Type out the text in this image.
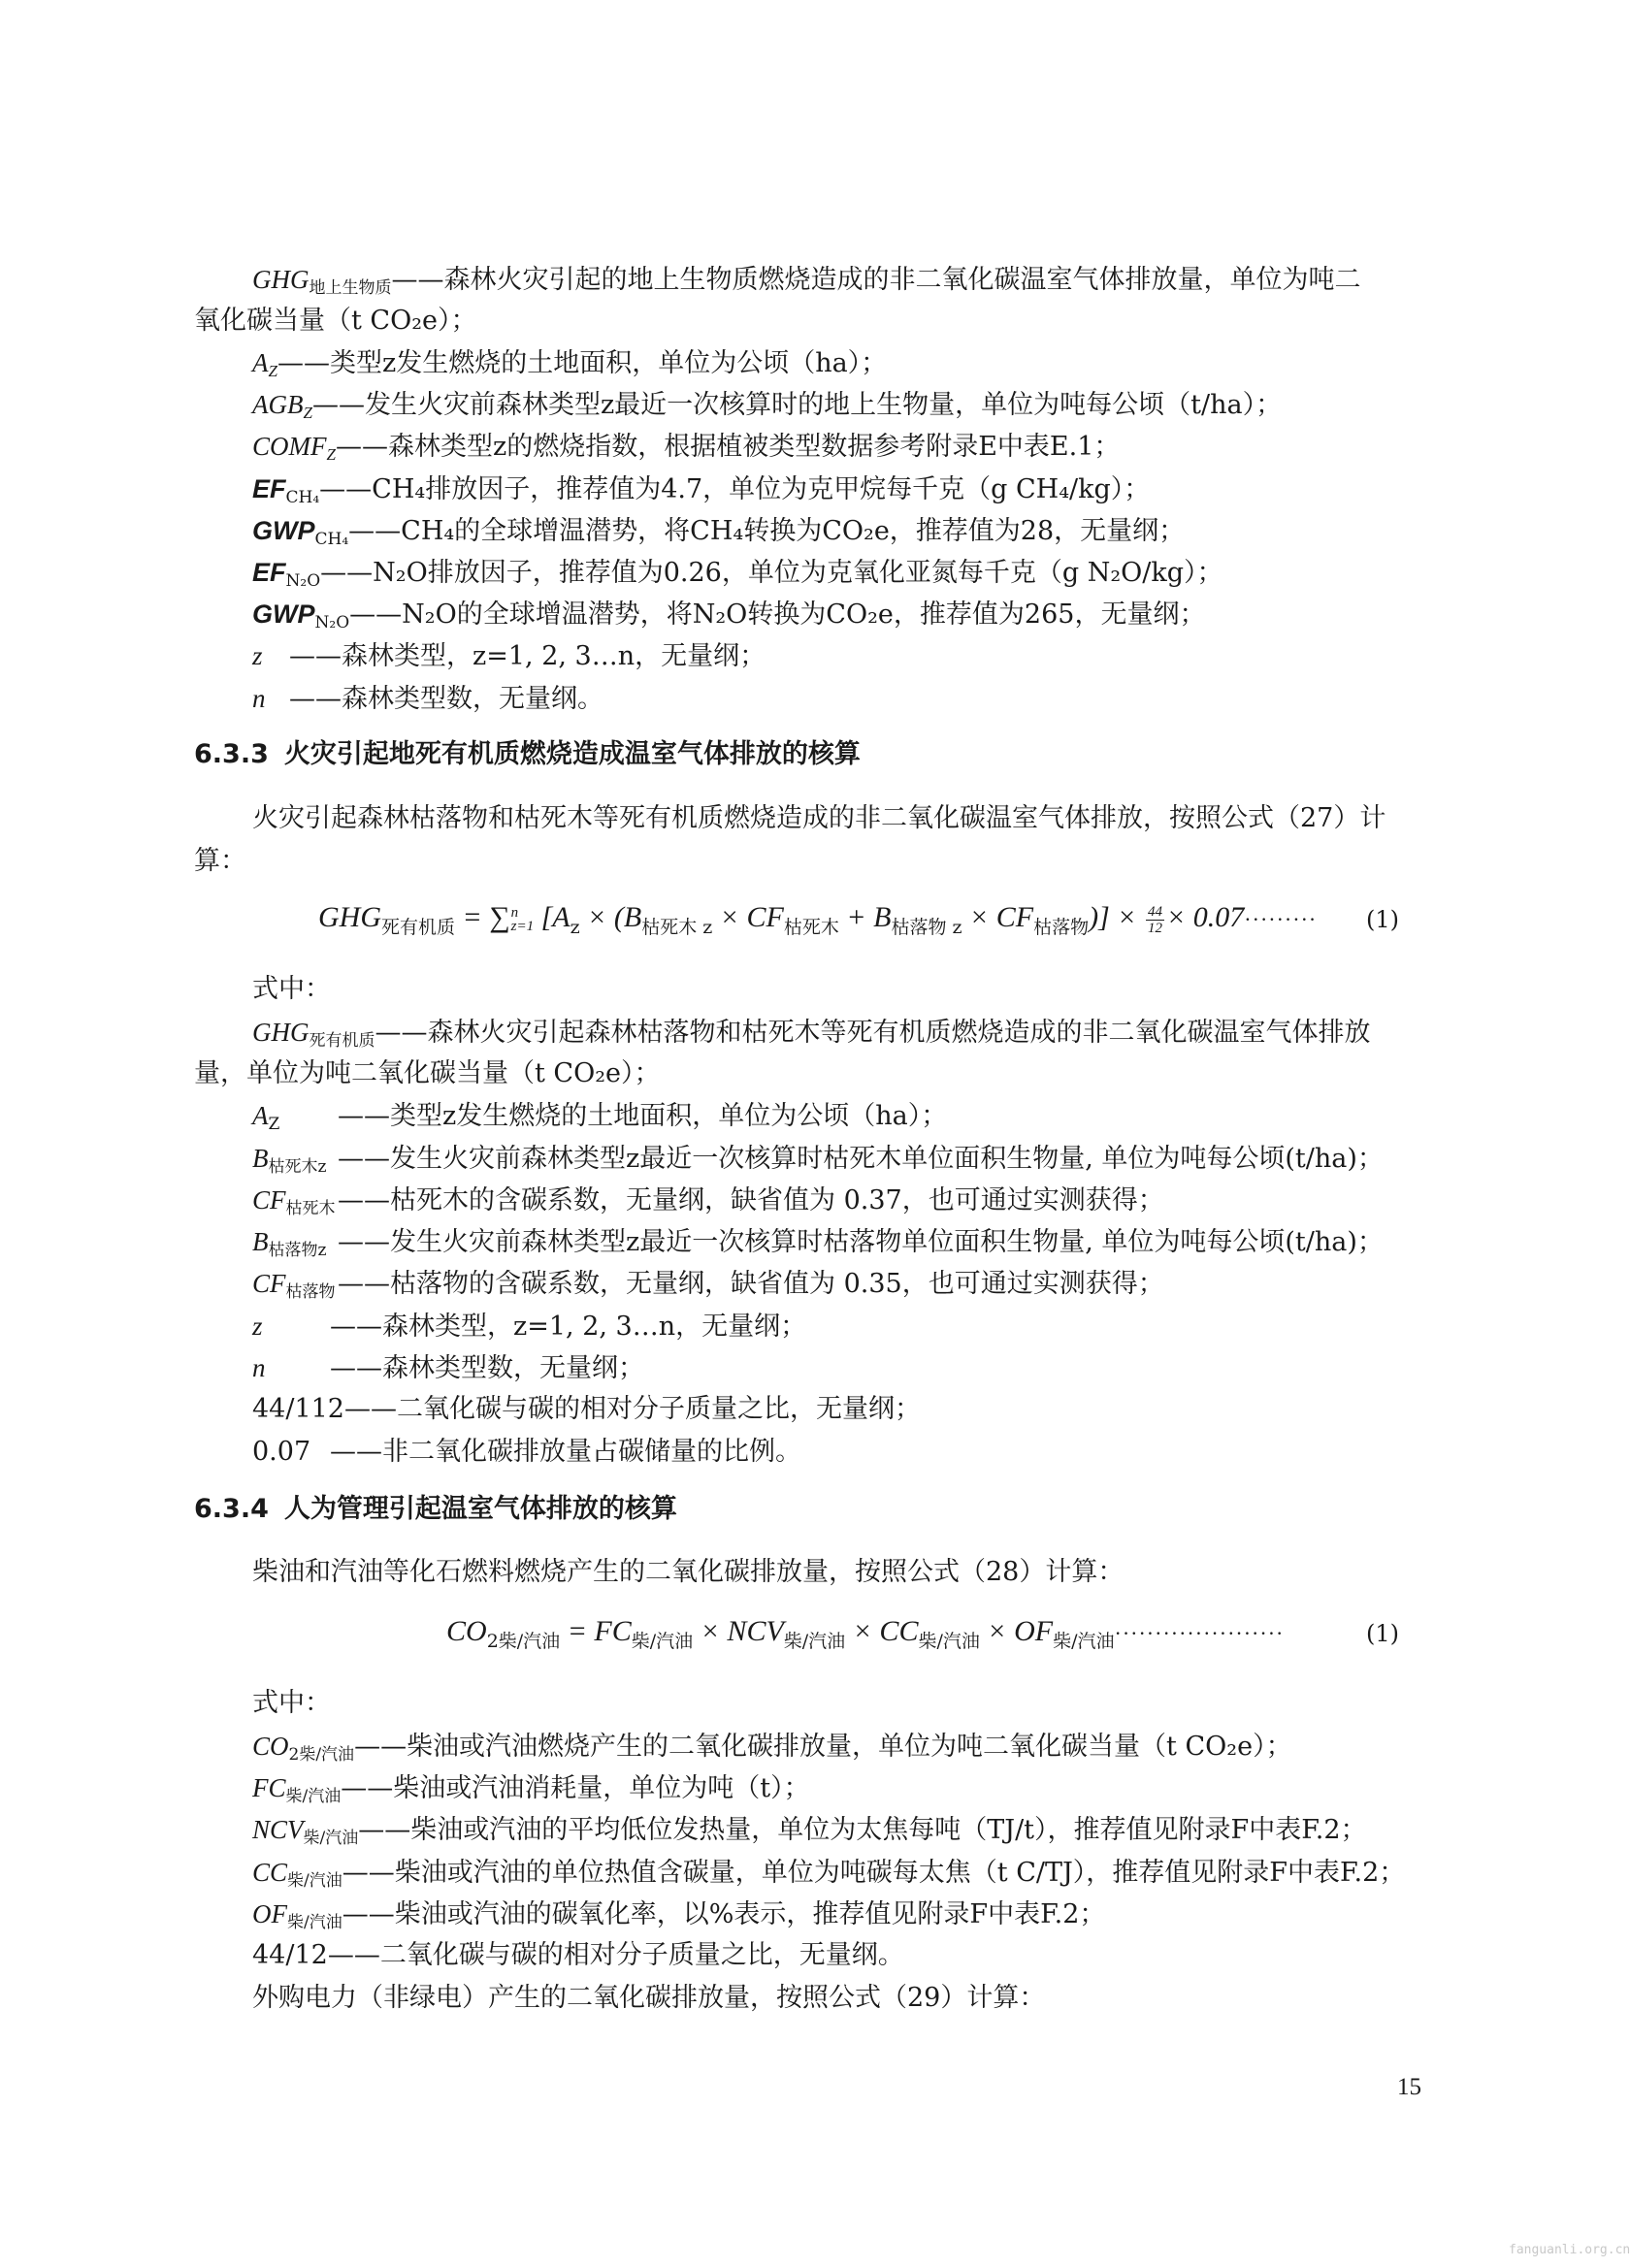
$GHG_{地上生物质}——$森林火灾引起的地上生物质燃烧造成的非二氧化碳温室气体排放量，单位为吨二
氧化碳当量（t CO₂e）；
AZ——类型z发生燃烧的土地面积，单位为公顷（ha）；
AGBZ——发生火灾前森林类型z最近一次核算时的地上生物量，单位为吨每公顷（t/ha）；
COMFZ——森林类型z的燃烧指数，根据植被类型数据参考附录E中表E.1；
$EF_{CH_4}——CH_4$排放因子，推荐值为4.7，单位为克甲烷每千克（g CH₄/kg）；
$GWP_{CH_4}——CH_4$的全球增温潜势，将CH₄转换为CO₂e，推荐值为28，无量纲；
$EF_{N_2O}——N_2O$排放因子，推荐值为0.26，单位为克氧化亚氮每千克（g N₂O/kg）；
$GWP_{N_2O}——N_2O$的全球增温潜势，将N₂O转换为CO₂e，推荐值为265，无量纲；
z ——森林类型，z=1, 2, 3…n，无量纲；
n ——森林类型数，无量纲。
6.3.3 火灾引起地死有机质燃烧造成温室气体排放的核算
火灾引起森林枯落物和枯死木等死有机质燃烧造成的非二氧化碳温室气体排放，按照公式（27）计
算：
$GHG_{死有机质}$ = ∑ n
z=1 $[A_z \times (B_{枯死木 z} \times CF_{枯死木} + B_{枯落物 z} \times CF_{枯落物})] \times \frac{44}{12} \times 0.07\cdot\cdot\cdot\cdot\cdot\cdot\cdot\cdot\cdot (1)$
式中：
$GHG_{死有机质}——$森林火灾引起森林枯落物和枯死木等死有机质燃烧造成的非二氧化碳温室气体排放
量，单位为吨二氧化碳当量（t CO₂e）；
$A_Z$ ——类型z发生燃烧的土地面积，单位为公顷（ha）；
$B_{枯死木z}$ ——发生火灾前森林类型z最近一次核算时枯死木单位面积生物量, 单位为吨每公顷(t/ha)；
$CF_{枯死木}——$枯死木的含碳系数，无量纲，缺省值为 0.37，也可通过实测获得；
$B_{枯落物z}$ ——发生火灾前森林类型z最近一次核算时枯落物单位面积生物量, 单位为吨每公顷(t/ha)；
$CF_{枯落物}——$枯落物的含碳系数，无量纲，缺省值为 0.35，也可通过实测获得；
z	——森林类型，z=1, 2, 3…n，无量纲；
n ——森林类型数，无量纲；
44/112——二氧化碳与碳的相对分子质量之比，无量纲；
0.07 ——非二氧化碳排放量占碳储量的比例。
6.3.4 人为管理引起温室气体排放的核算
柴油和汽油等化石燃料燃烧产生的二氧化碳排放量，按照公式（28）计算：
$CO_{2柴/汽油} = FC_{柴/汽油} \times NCV_{柴/汽油} \times CC_{柴/汽油} \times OF_{柴/汽油}\cdot\cdot\cdot\cdot\cdot\cdot\cdot\cdot\cdot\cdot\cdot\cdot\cdot\cdot\cdot\cdot\cdot\cdot\cdot\cdot\cdot$	(1)
式中：
$CO_{2柴/汽油}——$柴油或汽油燃烧产生的二氧化碳排放量，单位为吨二氧化碳当量（t CO₂e）；
$FC_{柴/汽油}——$柴油或汽油消耗量，单位为吨（t）；
$NCV_{柴/汽油}——$柴油或汽油的平均低位发热量，单位为太焦每吨（TJ/t），推荐值见附录F中表F.2；
$CC_{柴/汽油}——$柴油或汽油的单位热值含碳量，单位为吨碳每太焦（t C/TJ），推荐值见附录F中表F.2；
$OF_{柴/汽油}——$柴油或汽油的碳氧化率，以%表示，推荐值见附录F中表F.2；
44/12——二氧化碳与碳的相对分子质量之比，无量纲。
外购电力（非绿电）产生的二氧化碳排放量，按照公式（29）计算：
15
fanguanli.org.cn
